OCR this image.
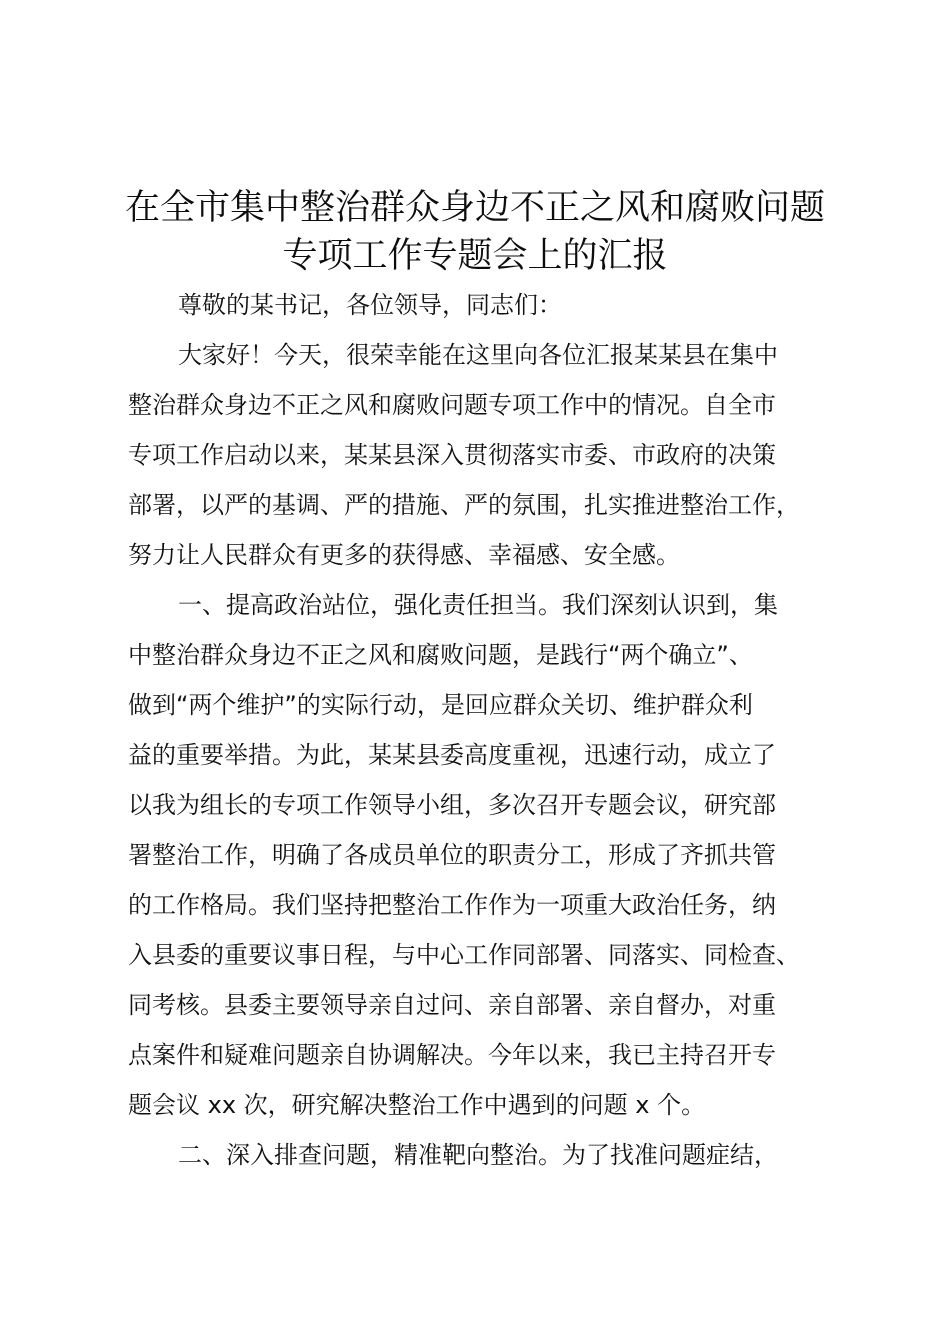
在全市集中整治群众身边不正之风和腐败问题
专项工作专题会上的汇报
尊敬的某书记，各位领导，同志们：
大家好！今天，很荣幸能在这里向各位汇报某某县在集中
整治群众身边不正之风和腐败问题专项工作中的情况。自全市
专项工作启动以来，某某县深入贯彻落实市委、市政府的决策
部署，以严的基调、严的措施、严的氛围，扎实推进整治工作，
努力让人民群众有更多的获得感、幸福感、安全感。
一、提高政治站位，强化责任担当。我们深刻认识到，集
中整治群众身边不正之风和腐败问题，是践行“两个确立”、
做到“两个维护”的实际行动，是回应群众关切、维护群众利
益的重要举措。为此，某某县委高度重视，迅速行动，成立了
以我为组长的专项工作领导小组，多次召开专题会议，研究部
署整治工作，明确了各成员单位的职责分工，形成了齐抓共管
的工作格局。我们坚持把整治工作作为一项重大政治任务，纳
入县委的重要议事日程，与中心工作同部署、同落实、同检查、
同考核。县委主要领导亲自过问、亲自部署、亲自督办，对重
点案件和疑难问题亲自协调解决。今年以来，我已主持召开专
题会议 xx 次，研究解决整治工作中遇到的问题 x 个。
二、深入排查问题，精准靶向整治。为了找准问题症结，
